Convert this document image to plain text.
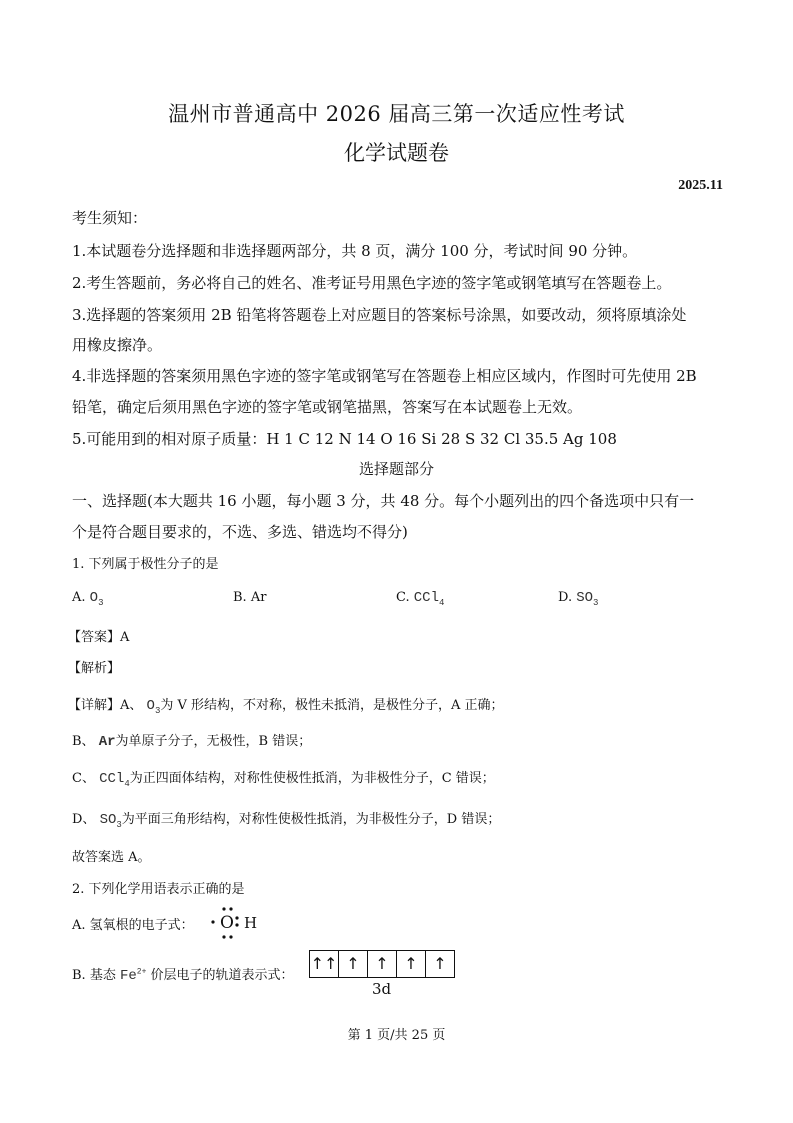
温州市普通高中 2026 届高三第一次适应性考试
化学试题卷
2025.11
考生须知：
1.本试题卷分选择题和非选择题两部分，共 8 页，满分 100 分，考试时间 90 分钟。
2.考生答题前，务必将自己的姓名、准考证号用黑色字迹的签字笔或钢笔填写在答题卷上。
3.选择题的答案须用 2B 铅笔将答题卷上对应题目的答案标号涂黑，如要改动，须将原填涂处
用橡皮擦净。
4.非选择题的答案须用黑色字迹的签字笔或钢笔写在答题卷上相应区域内，作图时可先使用 2B
铅笔，确定后须用黑色字迹的签字笔或钢笔描黑，答案写在本试题卷上无效。
5.可能用到的相对原子质量：H 1 C 12 N 14 O 16 Si 28 S 32 Cl 35.5 Ag 108
选择题部分
一、选择题(本大题共 16 小题，每小题 3 分，共 48 分。每个小题列出的四个备选项中只有一
个是符合题目要求的，不选、多选、错选均不得分)
1. 下列属于极性分子的是
A. $O_3$	B. Ar	C. CCl$_4$	D. $SO_3$
【答案】A
【解析】
【详解】A、 $O_3$为 V 形结构，不对称，极性未抵消，是极性分子，A 正确；
B、 Ar为单原子分子，无极性，B 错误；
C、 CCl$_4$为正四面体结构，对称性使极性抵消，为非极性分子，C 错误；
D、 $SO_3$为平面三角形结构，对称性使极性抵消，为非极性分子，D 错误；
故答案选 A。
2. 下列化学用语表示正确的是
A. 氢氧根的电子式： O H
B. 基态 $Fe^{2+}$ 价层电子的轨道表示式：
↑↑ ↑ ↑ ↑ ↑
3d
第 1 页/共 25 页
